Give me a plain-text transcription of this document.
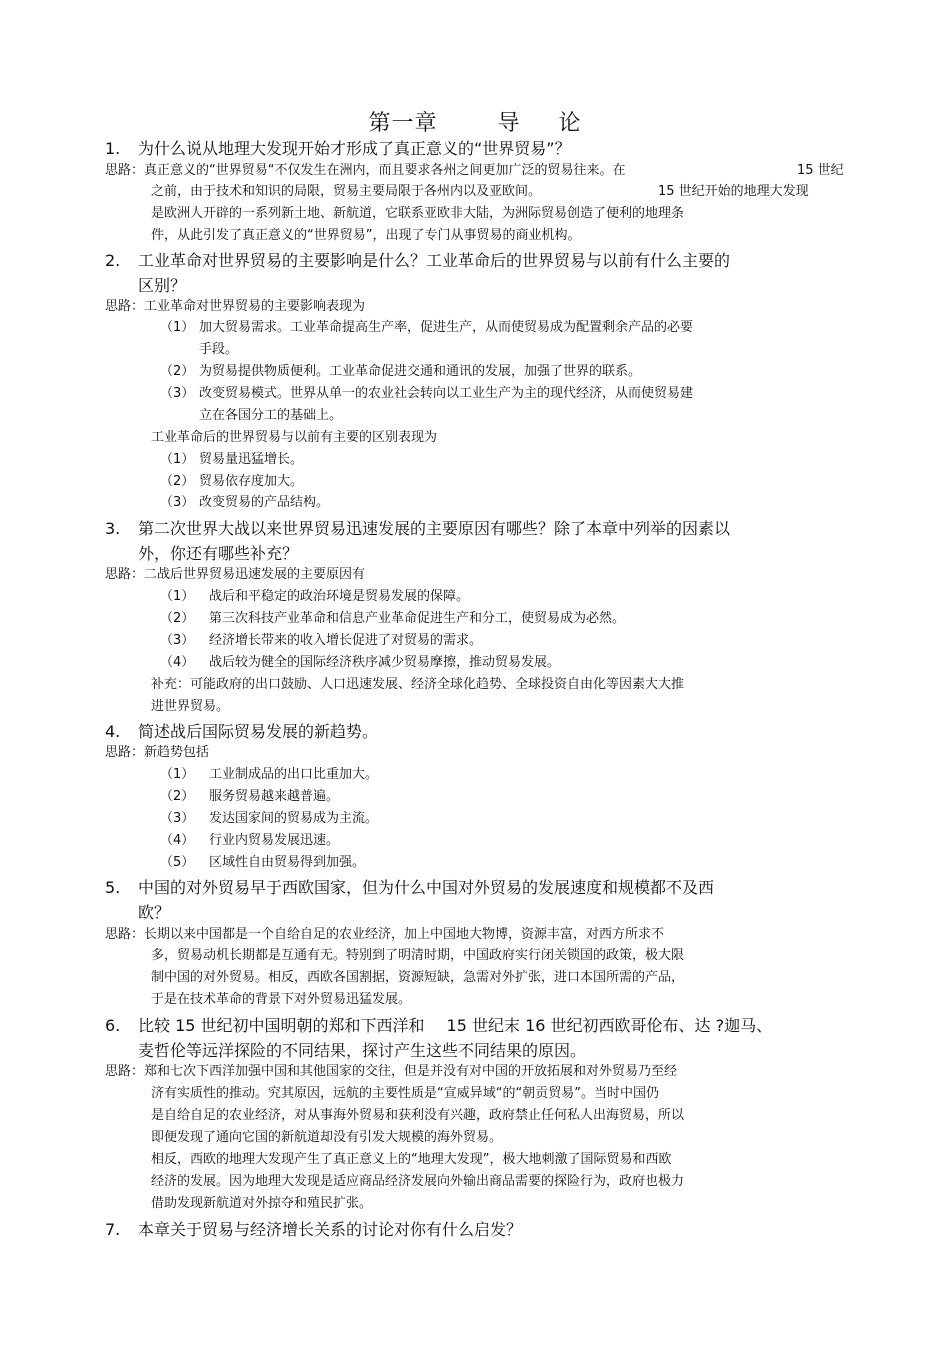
第一章	导 论
1. 为什么说从地理大发现开始才形成了真正意义的“世界贸易”？
思路：真正意义的“世界贸易“不仅发生在洲内，而且要求各州之间更加广泛的贸易往来。在	15 世纪
之前，由于技术和知识的局限，贸易主要局限于各州内以及亚欧间。	15 世纪开始的地理大发现
是欧洲人开辟的一系列新土地、新航道，它联系亚欧非大陆，为洲际贸易创造了便利的地理条
件，从此引发了真正意义的“世界贸易”，出现了专门从事贸易的商业机构。
2. 工业革命对世界贸易的主要影响是什么？工业革命后的世界贸易与以前有什么主要的
区别？
思路：工业革命对世界贸易的主要影响表现为
（1） 加大贸易需求。工业革命提高生产率，促进生产，从而使贸易成为配置剩余产品的必要
手段。
（2） 为贸易提供物质便利。工业革命促进交通和通讯的发展，加强了世界的联系。
（3） 改变贸易模式。世界从单一的农业社会转向以工业生产为主的现代经济，从而使贸易建
立在各国分工的基础上。
工业革命后的世界贸易与以前有主要的区别表现为
（1） 贸易量迅猛增长。
（2） 贸易依存度加大。
（3） 改变贸易的产品结构。
3. 第二次世界大战以来世界贸易迅速发展的主要原因有哪些？除了本章中列举的因素以
外，你还有哪些补充？
思路：二战后世界贸易迅速发展的主要原因有
（1） 战后和平稳定的政治环境是贸易发展的保障。
（2） 第三次科技产业革命和信息产业革命促进生产和分工，使贸易成为必然。
（3） 经济增长带来的收入增长促进了对贸易的需求。
（4） 战后较为健全的国际经济秩序减少贸易摩擦，推动贸易发展。
补充：可能政府的出口鼓励、人口迅速发展、经济全球化趋势、全球投资自由化等因素大大推
进世界贸易。
4. 简述战后国际贸易发展的新趋势。
思路：新趋势包括
（1） 工业制成品的出口比重加大。
（2） 服务贸易越来越普遍。
（3） 发达国家间的贸易成为主流。
（4） 行业内贸易发展迅速。
（5） 区域性自由贸易得到加强。
5. 中国的对外贸易早于西欧国家，但为什么中国对外贸易的发展速度和规模都不及西
欧？
思路：长期以来中国都是一个自给自足的农业经济，加上中国地大物博，资源丰富，对西方所求不
多，贸易动机长期都是互通有无。特别到了明清时期，中国政府实行闭关锁国的政策，极大限
制中国的对外贸易。相反，西欧各国割据，资源短缺，急需对外扩张，进口本国所需的产品，
于是在技术革命的背景下对外贸易迅猛发展。
6. 比较 15 世纪初中国明朝的郑和下西洋和 15 世纪末 16 世纪初西欧哥伦布、达 ?迦马、
麦哲伦等远洋探险的不同结果，探讨产生这些不同结果的原因。
思路：郑和七次下西洋加强中国和其他国家的交往，但是并没有对中国的开放拓展和对外贸易乃至经
济有实质性的推动。究其原因，远航的主要性质是“宣威异域“的“朝贡贸易”。当时中国仍
是自给自足的农业经济，对从事海外贸易和获利没有兴趣，政府禁止任何私人出海贸易，所以
即便发现了通向它国的新航道却没有引发大规模的海外贸易。
相反，西欧的地理大发现产生了真正意义上的“地理大发现”，极大地刺激了国际贸易和西欧
经济的发展。因为地理大发现是适应商品经济发展向外输出商品需要的探险行为，政府也极力
借助发现新航道对外掠夺和殖民扩张。
7. 本章关于贸易与经济增长关系的讨论对你有什么启发？
